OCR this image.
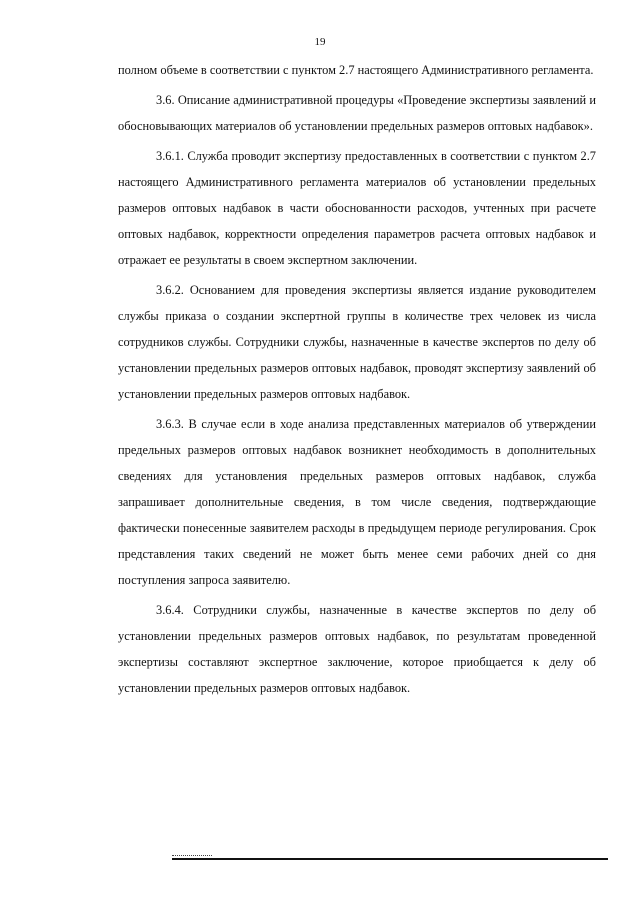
19

полном объеме в соответствии с пунктом 2.7 настоящего Административного регламента.

3.6. Описание административной процедуры «Проведение экспертизы заявлений и обосновывающих материалов об установлении предельных размеров оптовых надбавок».

3.6.1. Служба проводит экспертизу предоставленных в соответствии с пунктом 2.7 настоящего Административного регламента материалов об установлении предельных размеров оптовых надбавок в части обоснованности расходов, учтенных при расчете оптовых надбавок, корректности определения параметров расчета оптовых надбавок и отражает ее результаты в своем экспертном заключении.

3.6.2. Основанием для проведения экспертизы является издание руководителем службы приказа о создании экспертной группы в количестве трех человек из числа сотрудников службы. Сотрудники службы, назначенные в качестве экспертов по делу об установлении предельных размеров оптовых надбавок, проводят экспертизу заявлений об установлении предельных размеров оптовых надбавок.

3.6.3. В случае если в ходе анализа представленных материалов об утверждении предельных размеров оптовых надбавок возникнет необходимость в дополнительных сведениях для установления предельных размеров оптовых надбавок, служба запрашивает дополнительные сведения, в том числе сведения, подтверждающие фактически понесенные заявителем расходы в предыдущем периоде регулирования. Срок представления таких сведений не может быть менее семи рабочих дней со дня поступления запроса заявителю.

3.6.4. Сотрудники службы, назначенные в качестве экспертов по делу об установлении предельных размеров оптовых надбавок, по результатам проведенной экспертизы составляют экспертное заключение, которое приобщается к делу об установлении предельных размеров оптовых надбавок.
